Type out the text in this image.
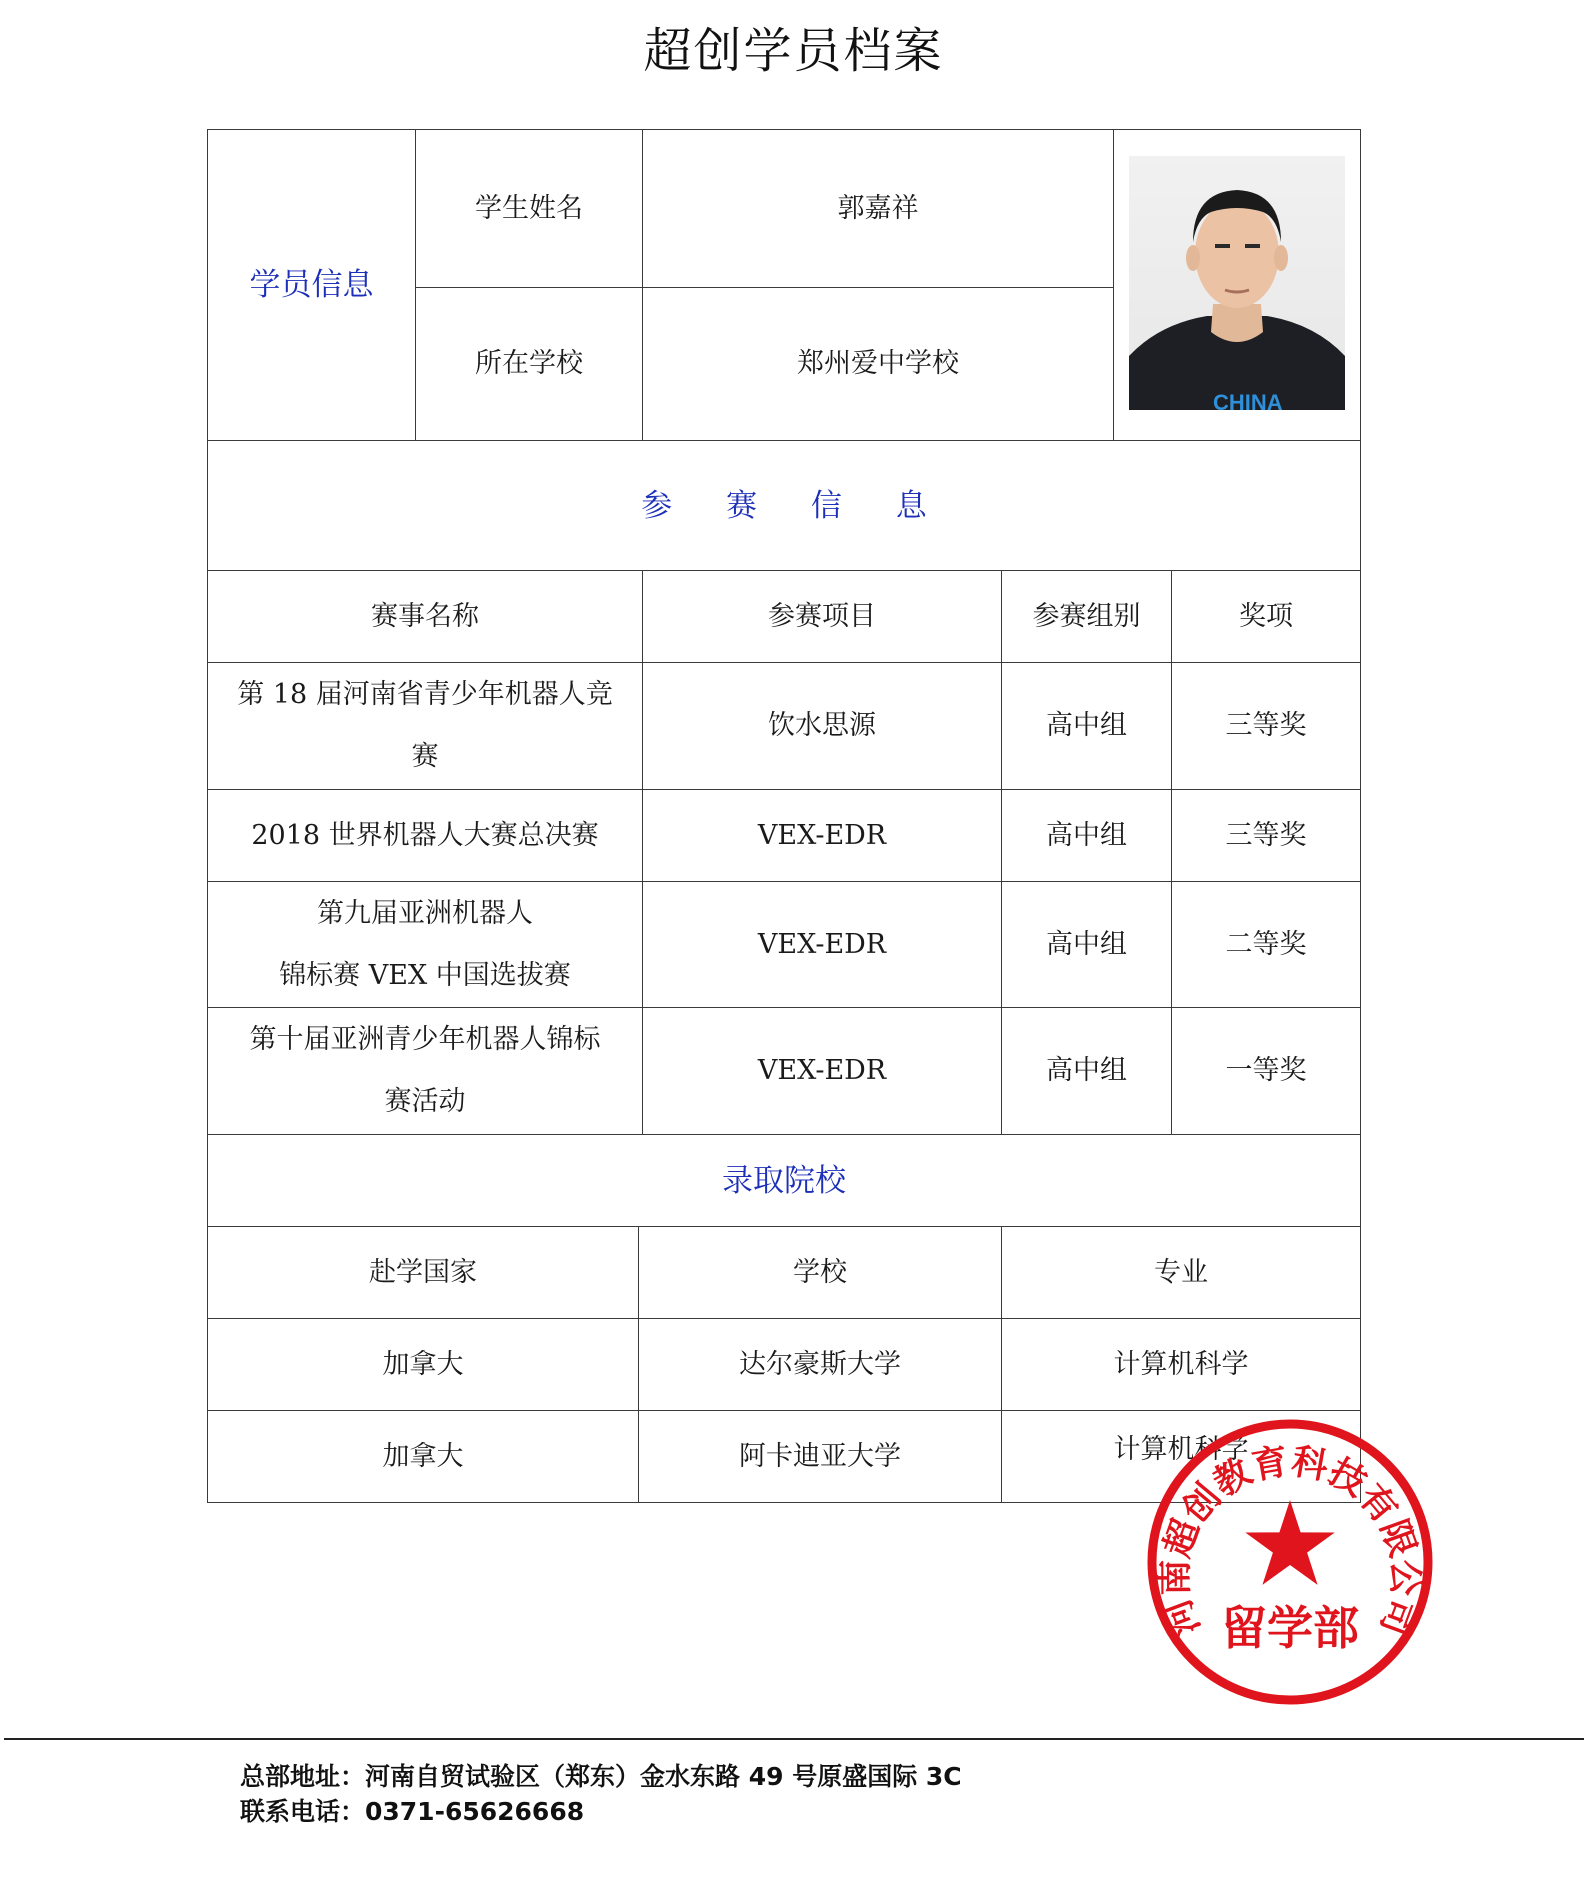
超创学员档案
学员信息	学生姓名	郭嘉祥	CHINA

	所在学校	郑州爱中学校	
参 赛 信 息			
赛事名称	参赛项目	参赛组别	奖项
第 18 届河南省青少年机器人竞
赛	饮水思源	高中组	三等奖
2018 世界机器人大赛总决赛	VEX-EDR	高中组	三等奖
第九届亚洲机器人
锦标赛 VEX 中国选拔赛	VEX-EDR	高中组	二等奖
第十届亚洲青少年机器人锦标
赛活动	VEX-EDR	高中组	一等奖
录取院校			
赴学国家	学校	专业
加拿大	达尔豪斯大学	计算机科学
加拿大	阿卡迪亚大学	计算机科学
河南超创教育科技有限公司
留学部
总部地址：河南自贸试验区（郑东）金水东路 49 号原盛国际 3C
联系电话：0371-65626668
